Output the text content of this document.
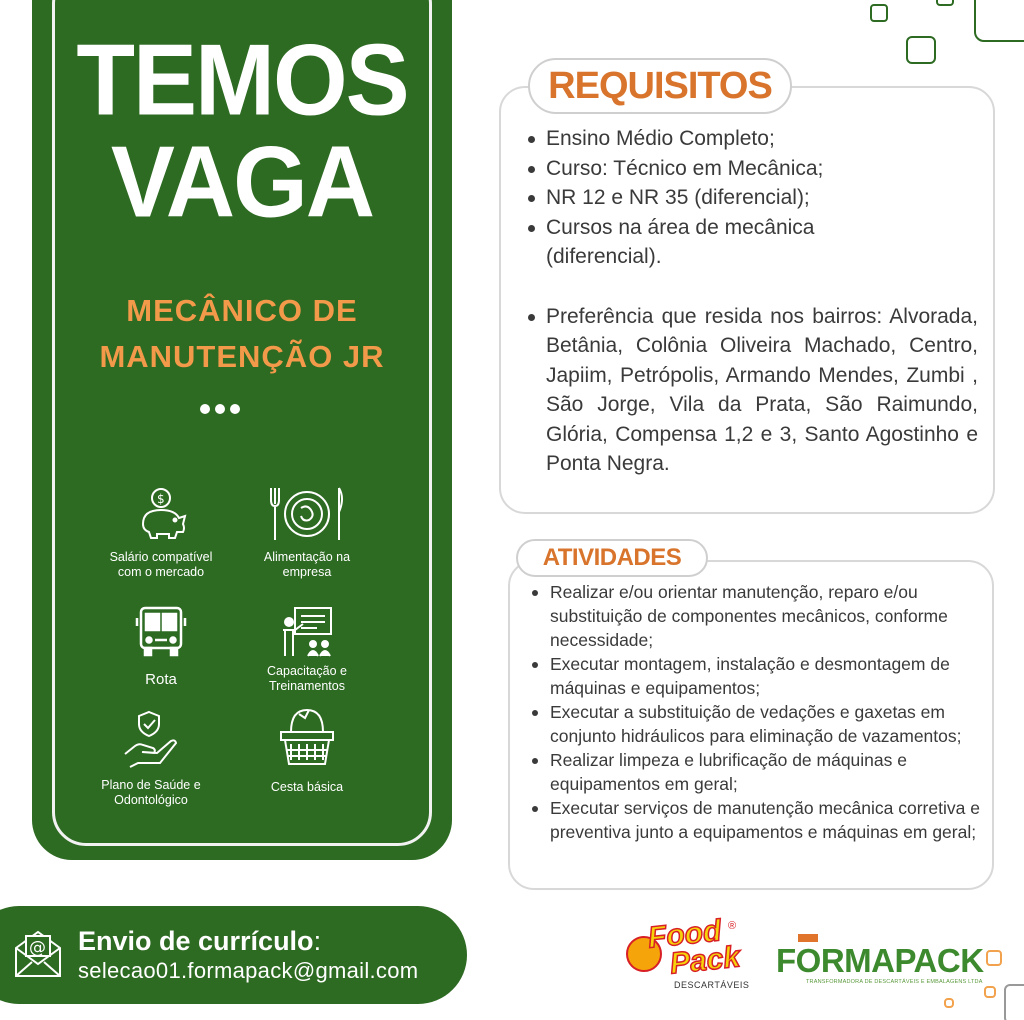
TEMOS
VAGA
MECÂNICO DE
MANUTENÇÃO JR
$
Salário compatível
com o mercado
Alimentação na
empresa
Rota	Capacitação e
Treinamentos
Plano de Saúde e
Odontológico
Cesta básica
@ Envio de currículo:
selecao01.formapack@gmail.com
REQUISITOS
Ensino Médio Completo;
Curso: Técnico em Mecânica;
NR 12 e NR 35 (diferencial);
Cursos na área de mecânica (diferencial).
Preferência que resida nos bairros: Alvorada, Betânia, Colônia Oliveira Machado, Centro, Japiim, Petrópolis, Armando Mendes, Zumbi , São Jorge, Vila da Prata, São Raimundo, Glória, Compensa 1,2 e 3, Santo Agostinho e Ponta Negra.
ATIVIDADES
Realizar e/ou orientar manutenção, reparo e/ou substituição de componentes mecânicos, conforme necessidade;
Executar montagem, instalação e desmontagem de máquinas e equipamentos;
Executar a substituição de vedações e gaxetas em conjunto hidráulicos para eliminação de vazamentos;
Realizar limpeza e lubrificação de máquinas e equipamentos em geral;
Executar serviços de manutenção mecânica corretiva e preventiva junto a equipamentos e máquinas em geral;
Food
Pack
®
DESCARTÁVEIS
FORMAPACK
TRANSFORMADORA DE DESCARTÁVEIS E EMBALAGENS LTDA
